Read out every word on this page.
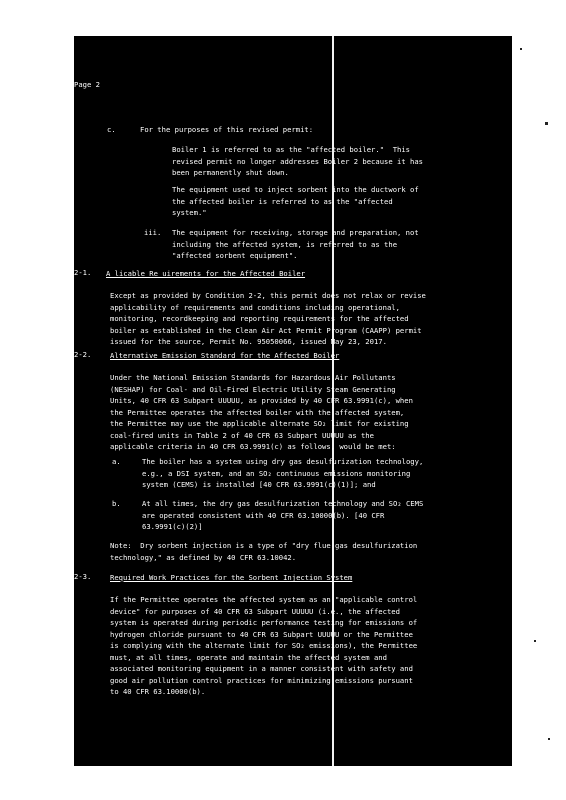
c.	For the purposes of this revised permit:
Boiler 1 is referred to as the "affected boiler."  This
revised permit no longer addresses Boiler 2 because it has
been permanently shut down.
The equipment used to inject sorbent into the ductwork of
the affected boiler is referred to as the "affected
system."
iii. The equipment for receiving, storage and preparation, not
including the affected system, is referred to as the
"affected sorbent equipment".
A licable Re uirements for the Affected Boiler
Except as provided by Condition 2-2, this permit does not relax or revise
applicability of requirements and conditions including operational,
monitoring, recordkeeping and reporting requirements for the affected
boiler as established in the Clean Air Act Permit Program (CAAPP) permit
issued for the source, Permit No. 95050066, issued May 23, 2017.
Alternative Emission Standard for the Affected Boiler
Under the National Emission Standards for Hazardous Air Pollutants
(NESHAP) for Coal- and Oil-Fired Electric Utility Steam Generating
Units, 40 CFR 63 Subpart UUUUU, as provided by 40 CFR 63.9991(c), when
the Permittee operates the affected boiler with the affected system,
the Permittee may use the applicable alternate SO₂ limit for existing
coal-fired units in Table 2 of 40 CFR 63 Subpart UUUUU as the
applicable criteria in 40 CFR 63.9991(c) as follows, would be met:
a.	The boiler has a system using dry gas desulfurization technology,
e.g., a DSI system, and an SO₂ continuous emissions monitoring
system (CEMS) is installed [40 CFR 63.9991(c)(1)]; and
b.	At all times, the dry gas desulfurization technology and SO₂ CEMS
are operated consistent with 40 CFR 63.10000(b). [40 CFR
63.9991(c)(2)]
Note:  Dry sorbent injection is a type of "dry flue gas desulfurization
technology," as defined by 40 CFR 63.10042.
Required Work Practices for the Sorbent Injection System
If the Permittee operates the affected system as an "applicable control
device" for purposes of 40 CFR 63 Subpart UUUUU (i.e., the affected
system is operated during periodic performance testing for emissions of
hydrogen chloride pursuant to 40 CFR 63 Subpart UUUUU or the Permittee
is complying with the alternate limit for SO₂ emissions), the Permittee
must, at all times, operate and maintain the affected system and
associated monitoring equipment in a manner consistent with safety and
good air pollution control practices for minimizing emissions pursuant
to 40 CFR 63.10000(b).
Page 2
2-1.
2-2.
2-3.
